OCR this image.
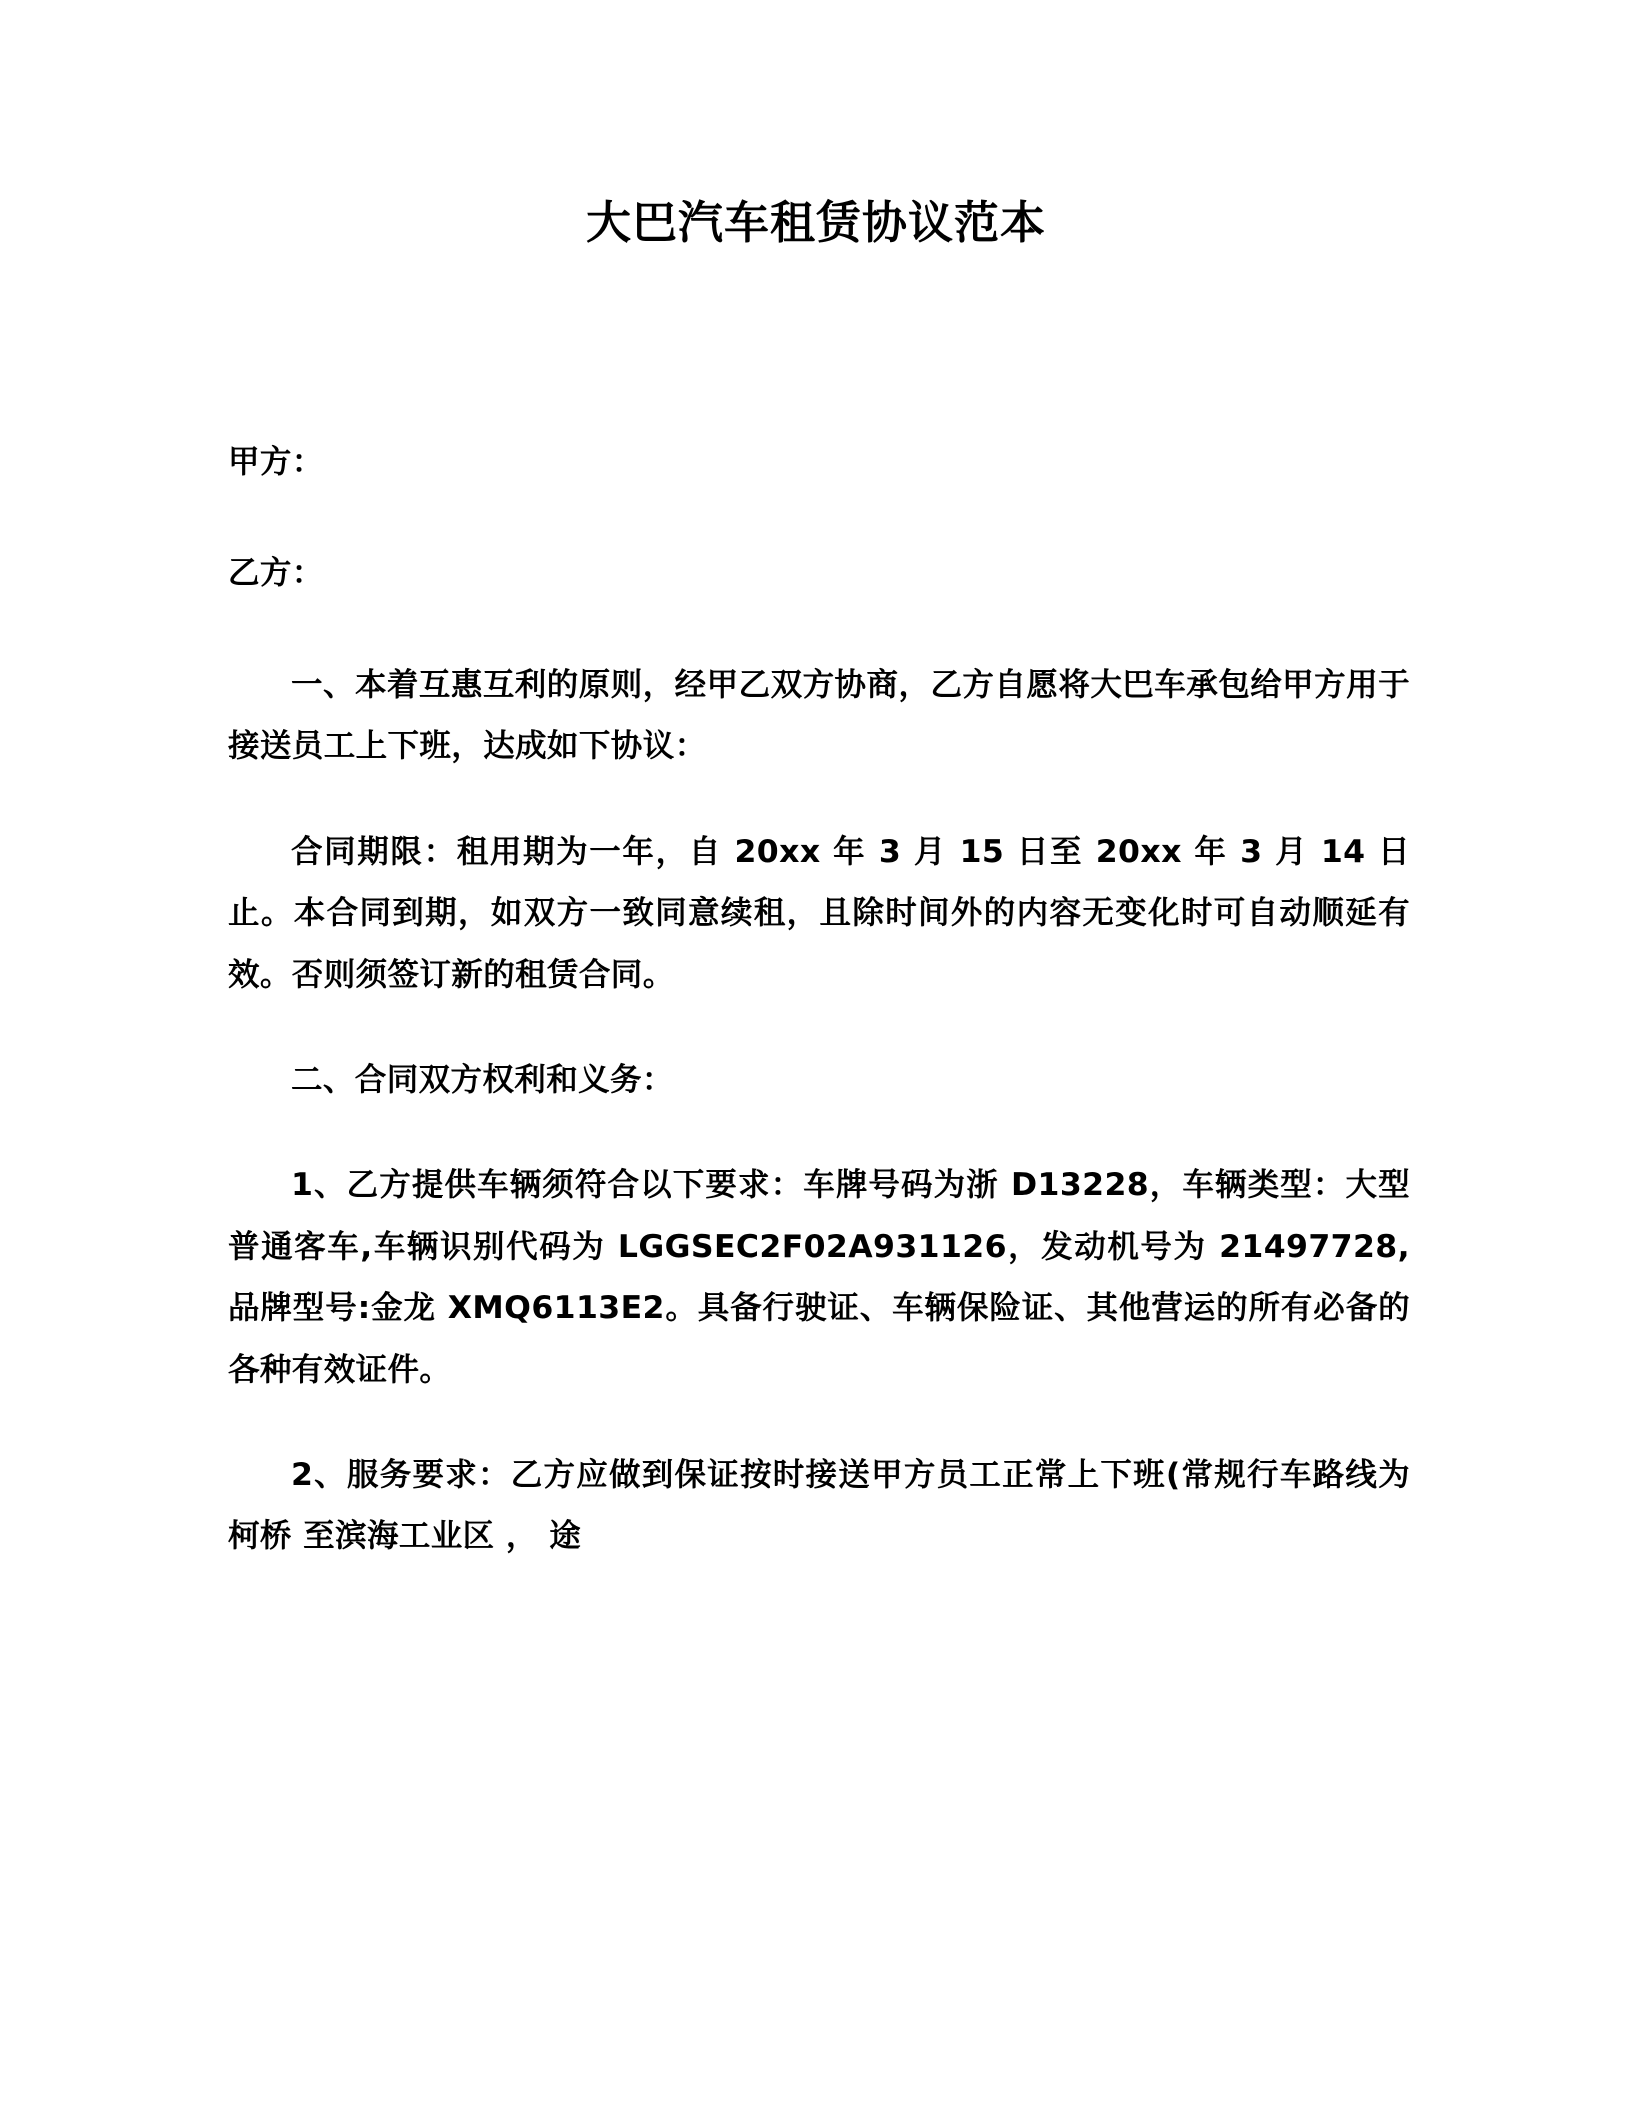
大巴汽车租赁协议范本

甲方：

乙方：

一、本着互惠互利的原则，经甲乙双方协商，乙方自愿将大巴车承包给甲方用于接送员工上下班，达成如下协议：

合同期限：租用期为一年，自 20xx 年 3 月 15 日至 20xx 年 3 月 14 日止。本合同到期，如双方一致同意续租，且除时间外的内容无变化时可自动顺延有效。否则须签订新的租赁合同。

二、合同双方权利和义务：

1、乙方提供车辆须符合以下要求：车牌号码为浙 D13228，车辆类型：大型普通客车,车辆识别代码为 LGGSEC2F02A931126，发动机号为 21497728,品牌型号:金龙 XMQ6113E2。具备行驶证、车辆保险证、其他营运的所有必备的各种有效证件。

2、服务要求：乙方应做到保证按时接送甲方员工正常上下班(常规行车路线为柯桥 至滨海工业区 ， 途
